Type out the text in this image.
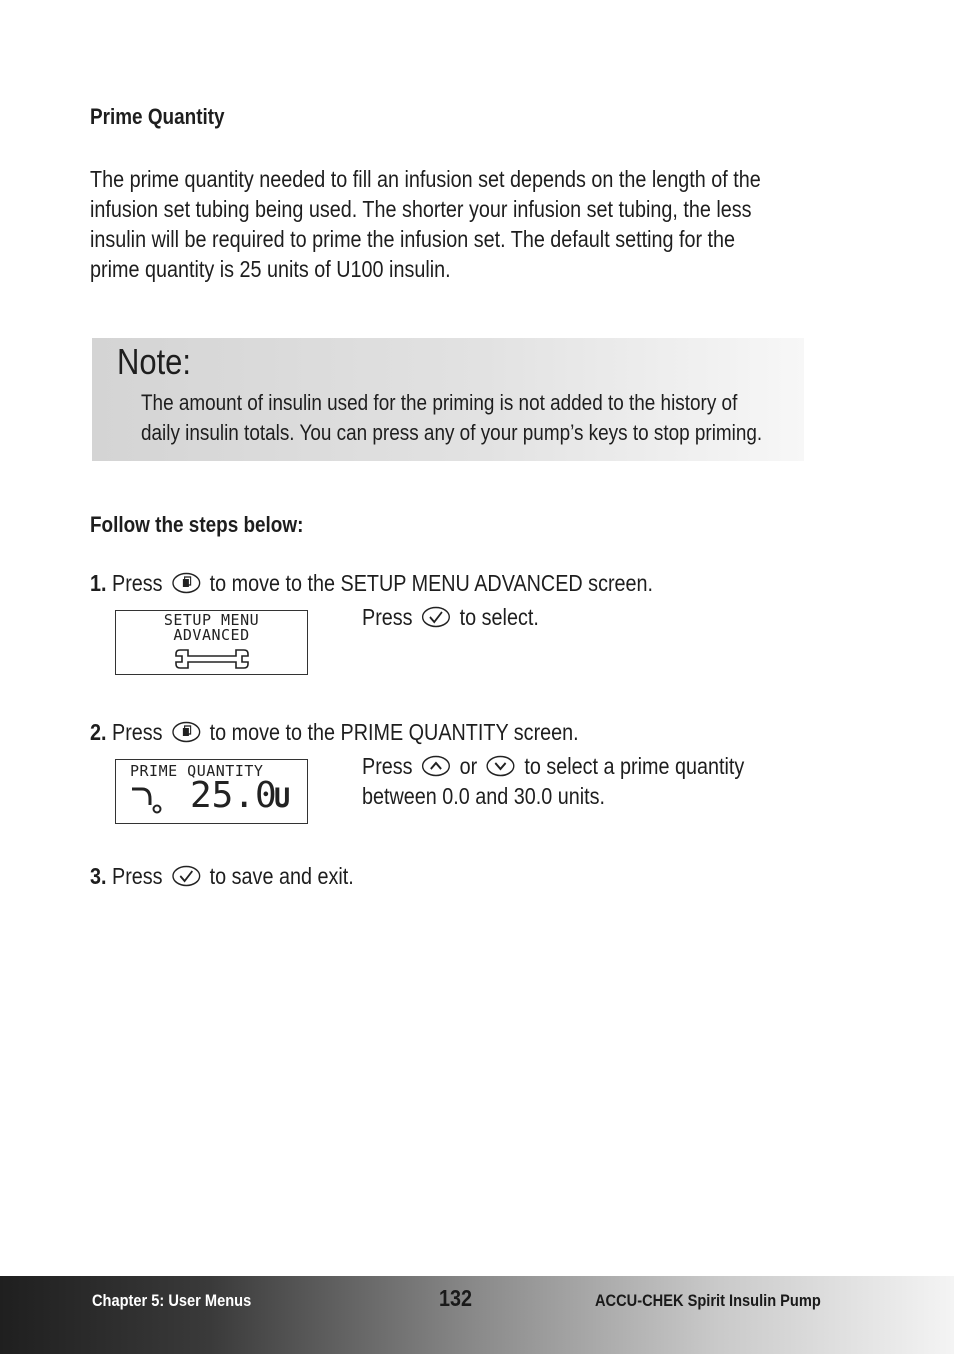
Prime Quantity
The prime quantity needed to fill an infusion set depends on the length of the
infusion set tubing being used. The shorter your infusion set tubing, the less
insulin will be required to prime the infusion set. The default setting for the
prime quantity is 25 units of U100 insulin.
Note:
The amount of insulin used for the priming is not added to the history of
daily insulin totals. You can press any of your pump’s keys to stop priming.
Follow the steps below:
1. Press to move to the SETUP MENU ADVANCED screen.
SETUP MENU
ADVANCED
Press to select.
2. Press to move to the PRIME QUANTITY screen.
PRIME QUANTITY
25.0
U
Press or to select a prime quantity
between 0.0 and 30.0 units.
3. Press to save and exit.
Chapter 5: User Menus	132	ACCU-CHEK Spirit Insulin Pump
